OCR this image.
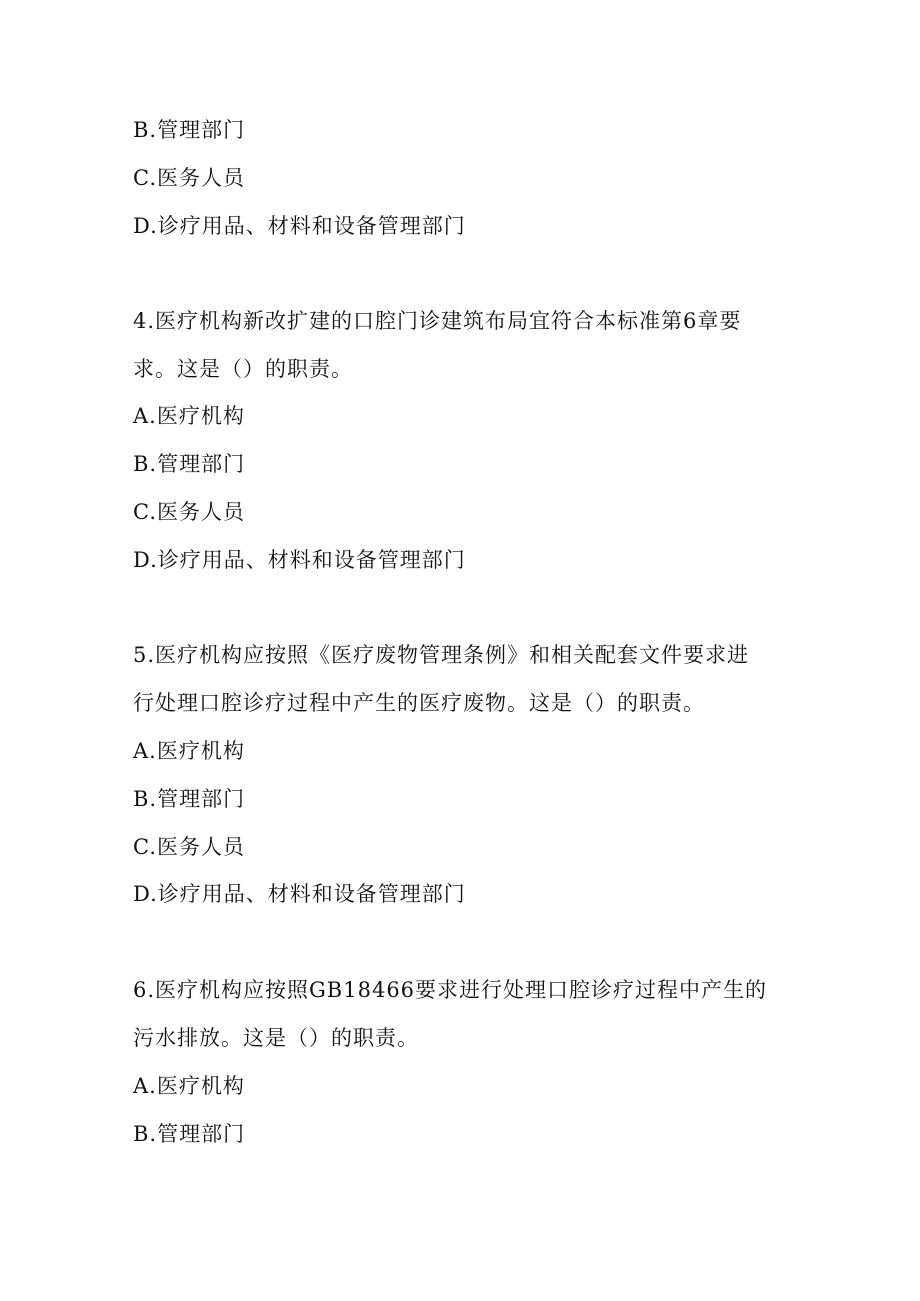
B.管理部门
C.医务人员
D.诊疗用品、材料和设备管理部门
4.医疗机构新改扩建的口腔门诊建筑布局宜符合本标准第6章要
求。这是（）的职责。
A.医疗机构
B.管理部门
C.医务人员
D.诊疗用品、材料和设备管理部门
5.医疗机构应按照《医疗废物管理条例》和相关配套文件要求进
行处理口腔诊疗过程中产生的医疗废物。这是（）的职责。
A.医疗机构
B.管理部门
C.医务人员
D.诊疗用品、材料和设备管理部门
6.医疗机构应按照GB18466要求进行处理口腔诊疗过程中产生的
污水排放。这是（）的职责。
A.医疗机构
B.管理部门
